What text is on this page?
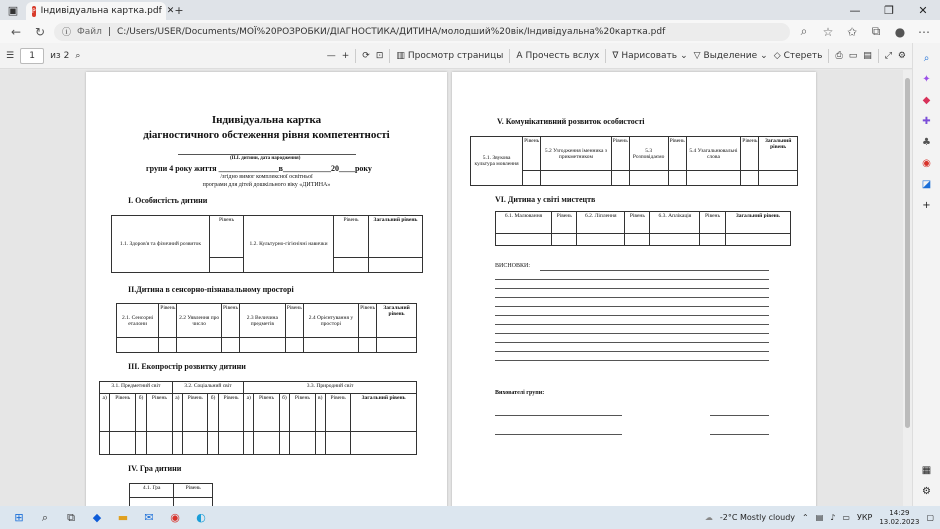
▣	P Індивідуальна картка.pdf ✕ +	—	❐	✕
←	↻	ⓘ Файл | C:/Users/USER/Documents/МОЇ%20РОЗРОБКИ/ДІАГНОСТИКА/ДИТИНА/молодший%20вік/Індивідуальна%20картка.pdf	⌕	☆	✩	⧉	●	⋯
☰	1	из 2 ⌕	— + ⟳ ⊡ ▥ Просмотр страницы A Прочесть вслух ∇ Нарисовать ⌄ ▽ Выделение ⌄ ◇ Стереть ⎙ ▭ ▤ ⤢ ⚙	⌕
✦
◆
✚
♣
◉
◪
+
▦
⚙
Індивідуальна картка
діагностичного обстеження рівня компетентності
(П.І. дитини, дата народження)
групи 4 року життя _______________в____________20____року
/згідно вимог комплексної освітньої
програми для дітей дошкільного віку «ДИТИНА»
І. Особистість дитини
1.1. Здоров'я та фізичний розвиток	Рівень	1.2. Культурно-гігієнічні навички	Рівень	Загальний рівень

ІІ.Дитина в сенсорно-пізнавальному просторі
2.1. Сенсорні еталони	Рівень	2.2 Уявлення про число	Рівень	2.3 Величина предметів	Рівень	2.4 Орієнтування у просторі	Рівень	Загальний рівень

ІІІ. Екопростір розвитку дитини
3.1. Предметний світ				3.2. Соціальний світ				3.3. Природний світ						
а)	Рівень	б)	Рівень	а)	Рівень	б)	Рівень	а)	Рівень	б)	Рівень	в)	Рівень	Загальний рівень

IV. Гра дитини
4.1. Гра	Рівень

V. Комунікативний розвиток особистості
5.1. Звукова культура мовлення	Рівень	5.2 Узгодження іменника з прикметником	Рівень	5.3 Розповідаємо	Рівень	5.4 Узагальнювальні слова	Рівень	Загальний рівень

VI. Дитина у світі мистецтв
6.1. Малювання	Рівень	6.2. Ліплення	Рівень	6.3. Аплікація	Рівень	Загальний рівень

ВИСНОВКИ:
Вихователі групи:
⊞	⌕	⧉	◆	▬	✉	◉	◐	☁ -2°C Mostly cloudy ⌃ ▤ ♪ ▭ УКР
14:29
13.02.2023 ▢
